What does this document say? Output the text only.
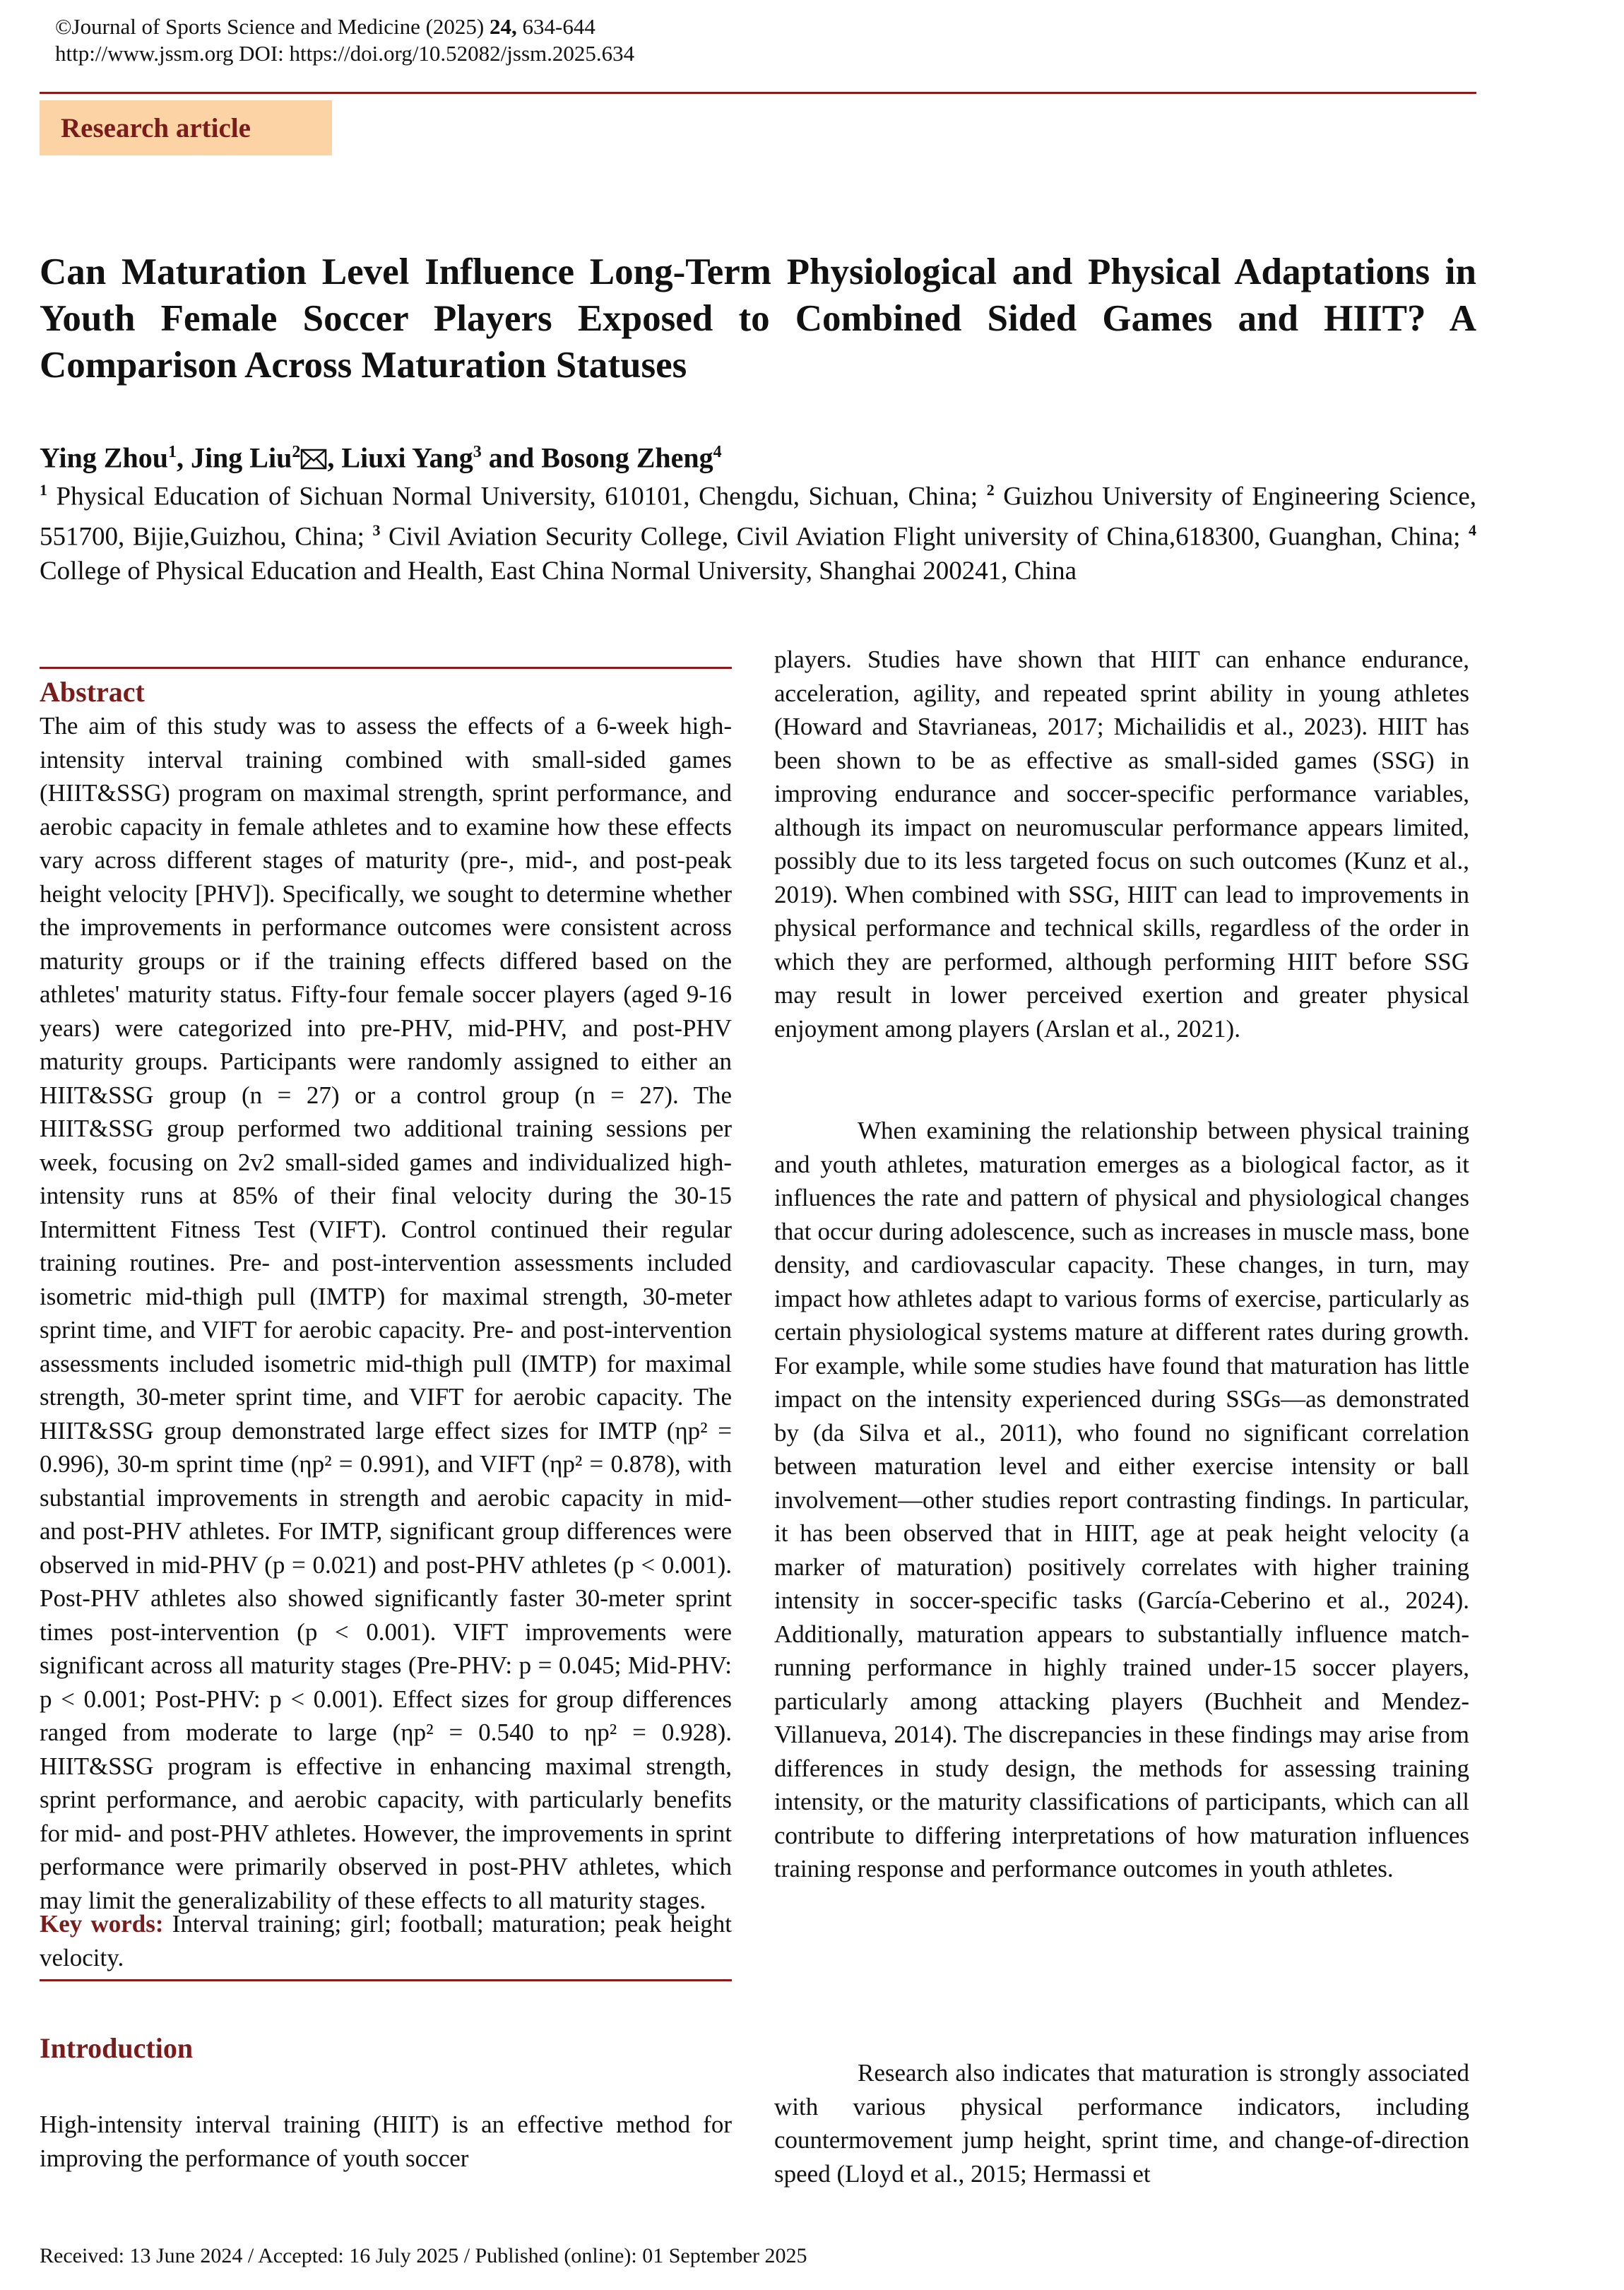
©Journal of Sports Science and Medicine (2025) 24, 634-644

http://www.jssm.org DOI: https://doi.org/10.52082/jssm.2025.634

Research article
Can Maturation Level Influence Long-Term Physiological and Physical Adaptations in Youth Female Soccer Players Exposed to Combined Sided Games and HIIT? A Comparison Across Maturation Statuses

Ying Zhou$^1$, Jing Liu$^2$ , Liuxi Yang$^3$ and Bosong Zheng$^4$

$^1$ Physical Education of Sichuan Normal University, 610101, Chengdu, Sichuan, China; $^2$ Guizhou University of Engineering Science, 551700, Bijie,Guizhou, China; $^3$ Civil Aviation Security College, Civil Aviation Flight university of China,618300, Guanghan, China; $^4$ College of Physical Education and Health, East China Normal University, Shanghai 200241, China

Abstract

The aim of this study was to assess the effects of a 6-week high-intensity interval training combined with small-sided games (HIIT&SSG) program on maximal strength, sprint performance, and aerobic capacity in female athletes and to examine how these effects vary across different stages of maturity (pre-, mid-, and post-peak height velocity [PHV]). Specifically, we sought to determine whether the improvements in performance outcomes were consistent across maturity groups or if the training effects differed based on the athletes' maturity status. Fifty-four female soccer players (aged 9-16 years) were categorized into pre-PHV, mid-PHV, and post-PHV maturity groups. Participants were randomly assigned to either an HIIT&SSG group (n = 27) or a control group (n = 27). The HIIT&SSG group performed two additional training sessions per week, focusing on 2v2 small-sided games and individualized high-intensity runs at 85% of their final velocity during the 30-15 Intermittent Fitness Test (VIFT). Control continued their regular training routines. Pre- and post-intervention assessments included isometric mid-thigh pull (IMTP) for maximal strength, 30-meter sprint time, and VIFT for aerobic capacity. Pre- and post-intervention assessments included isometric mid-thigh pull (IMTP) for maximal strength, 30-meter sprint time, and VIFT for aerobic capacity. The HIIT&SSG group demonstrated large effect sizes for IMTP (ηp² = 0.996), 30-m sprint time (ηp² = 0.991), and VIFT (ηp² = 0.878), with substantial improvements in strength and aerobic capacity in mid- and post-PHV athletes. For IMTP, significant group differences were observed in mid-PHV (p = 0.021) and post-PHV athletes (p < 0.001). Post-PHV athletes also showed significantly faster 30-meter sprint times post-intervention (p < 0.001). VIFT improvements were significant across all maturity stages (Pre-PHV: p = 0.045; Mid-PHV: p < 0.001; Post-PHV: p < 0.001). Effect sizes for group differences ranged from moderate to large (ηp² = 0.540 to ηp² = 0.928). HIIT&SSG program is effective in enhancing maximal strength, sprint performance, and aerobic capacity, with particularly benefits for mid- and post-PHV athletes. However, the improvements in sprint performance were primarily observed in post-PHV athletes, which may limit the generalizability of these effects to all maturity stages.

Key words: Interval training; girl; football; maturation; peak height velocity.

Introduction

High-intensity interval training (HIIT) is an effective method for improving the performance of youth soccer

players. Studies have shown that HIIT can enhance endurance, acceleration, agility, and repeated sprint ability in young athletes (Howard and Stavrianeas, 2017; Michailidis et al., 2023). HIIT has been shown to be as effective as small-sided games (SSG) in improving endurance and soccer-specific performance variables, although its impact on neuromuscular performance appears limited, possibly due to its less targeted focus on such outcomes (Kunz et al., 2019). When combined with SSG, HIIT can lead to improvements in physical performance and technical skills, regardless of the order in which they are performed, although performing HIIT before SSG may result in lower perceived exertion and greater physical enjoyment among players (Arslan et al., 2021).

When examining the relationship between physical training and youth athletes, maturation emerges as a biological factor, as it influences the rate and pattern of physical and physiological changes that occur during adolescence, such as increases in muscle mass, bone density, and cardiovascular capacity. These changes, in turn, may impact how athletes adapt to various forms of exercise, particularly as certain physiological systems mature at different rates during growth. For example, while some studies have found that maturation has little impact on the intensity experienced during SSGs—as demonstrated by (da Silva et al., 2011), who found no significant correlation between maturation level and either exercise intensity or ball involvement—other studies report contrasting findings. In particular, it has been observed that in HIIT, age at peak height velocity (a marker of maturation) positively correlates with higher training intensity in soccer-specific tasks (García-Ceberino et al., 2024). Additionally, maturation appears to substantially influence match-running performance in highly trained under-15 soccer players, particularly among attacking players (Buchheit and Mendez-Villanueva, 2014). The discrepancies in these findings may arise from differences in study design, the methods for assessing training intensity, or the maturity classifications of participants, which can all contribute to differing interpretations of how maturation influences training response and performance outcomes in youth athletes.

Research also indicates that maturation is strongly associated with various physical performance indicators, including countermovement jump height, sprint time, and change-of-direction speed (Lloyd et al., 2015; Hermassi et

Received: 13 June 2024 / Accepted: 16 July 2025 / Published (online): 01 September 2025
